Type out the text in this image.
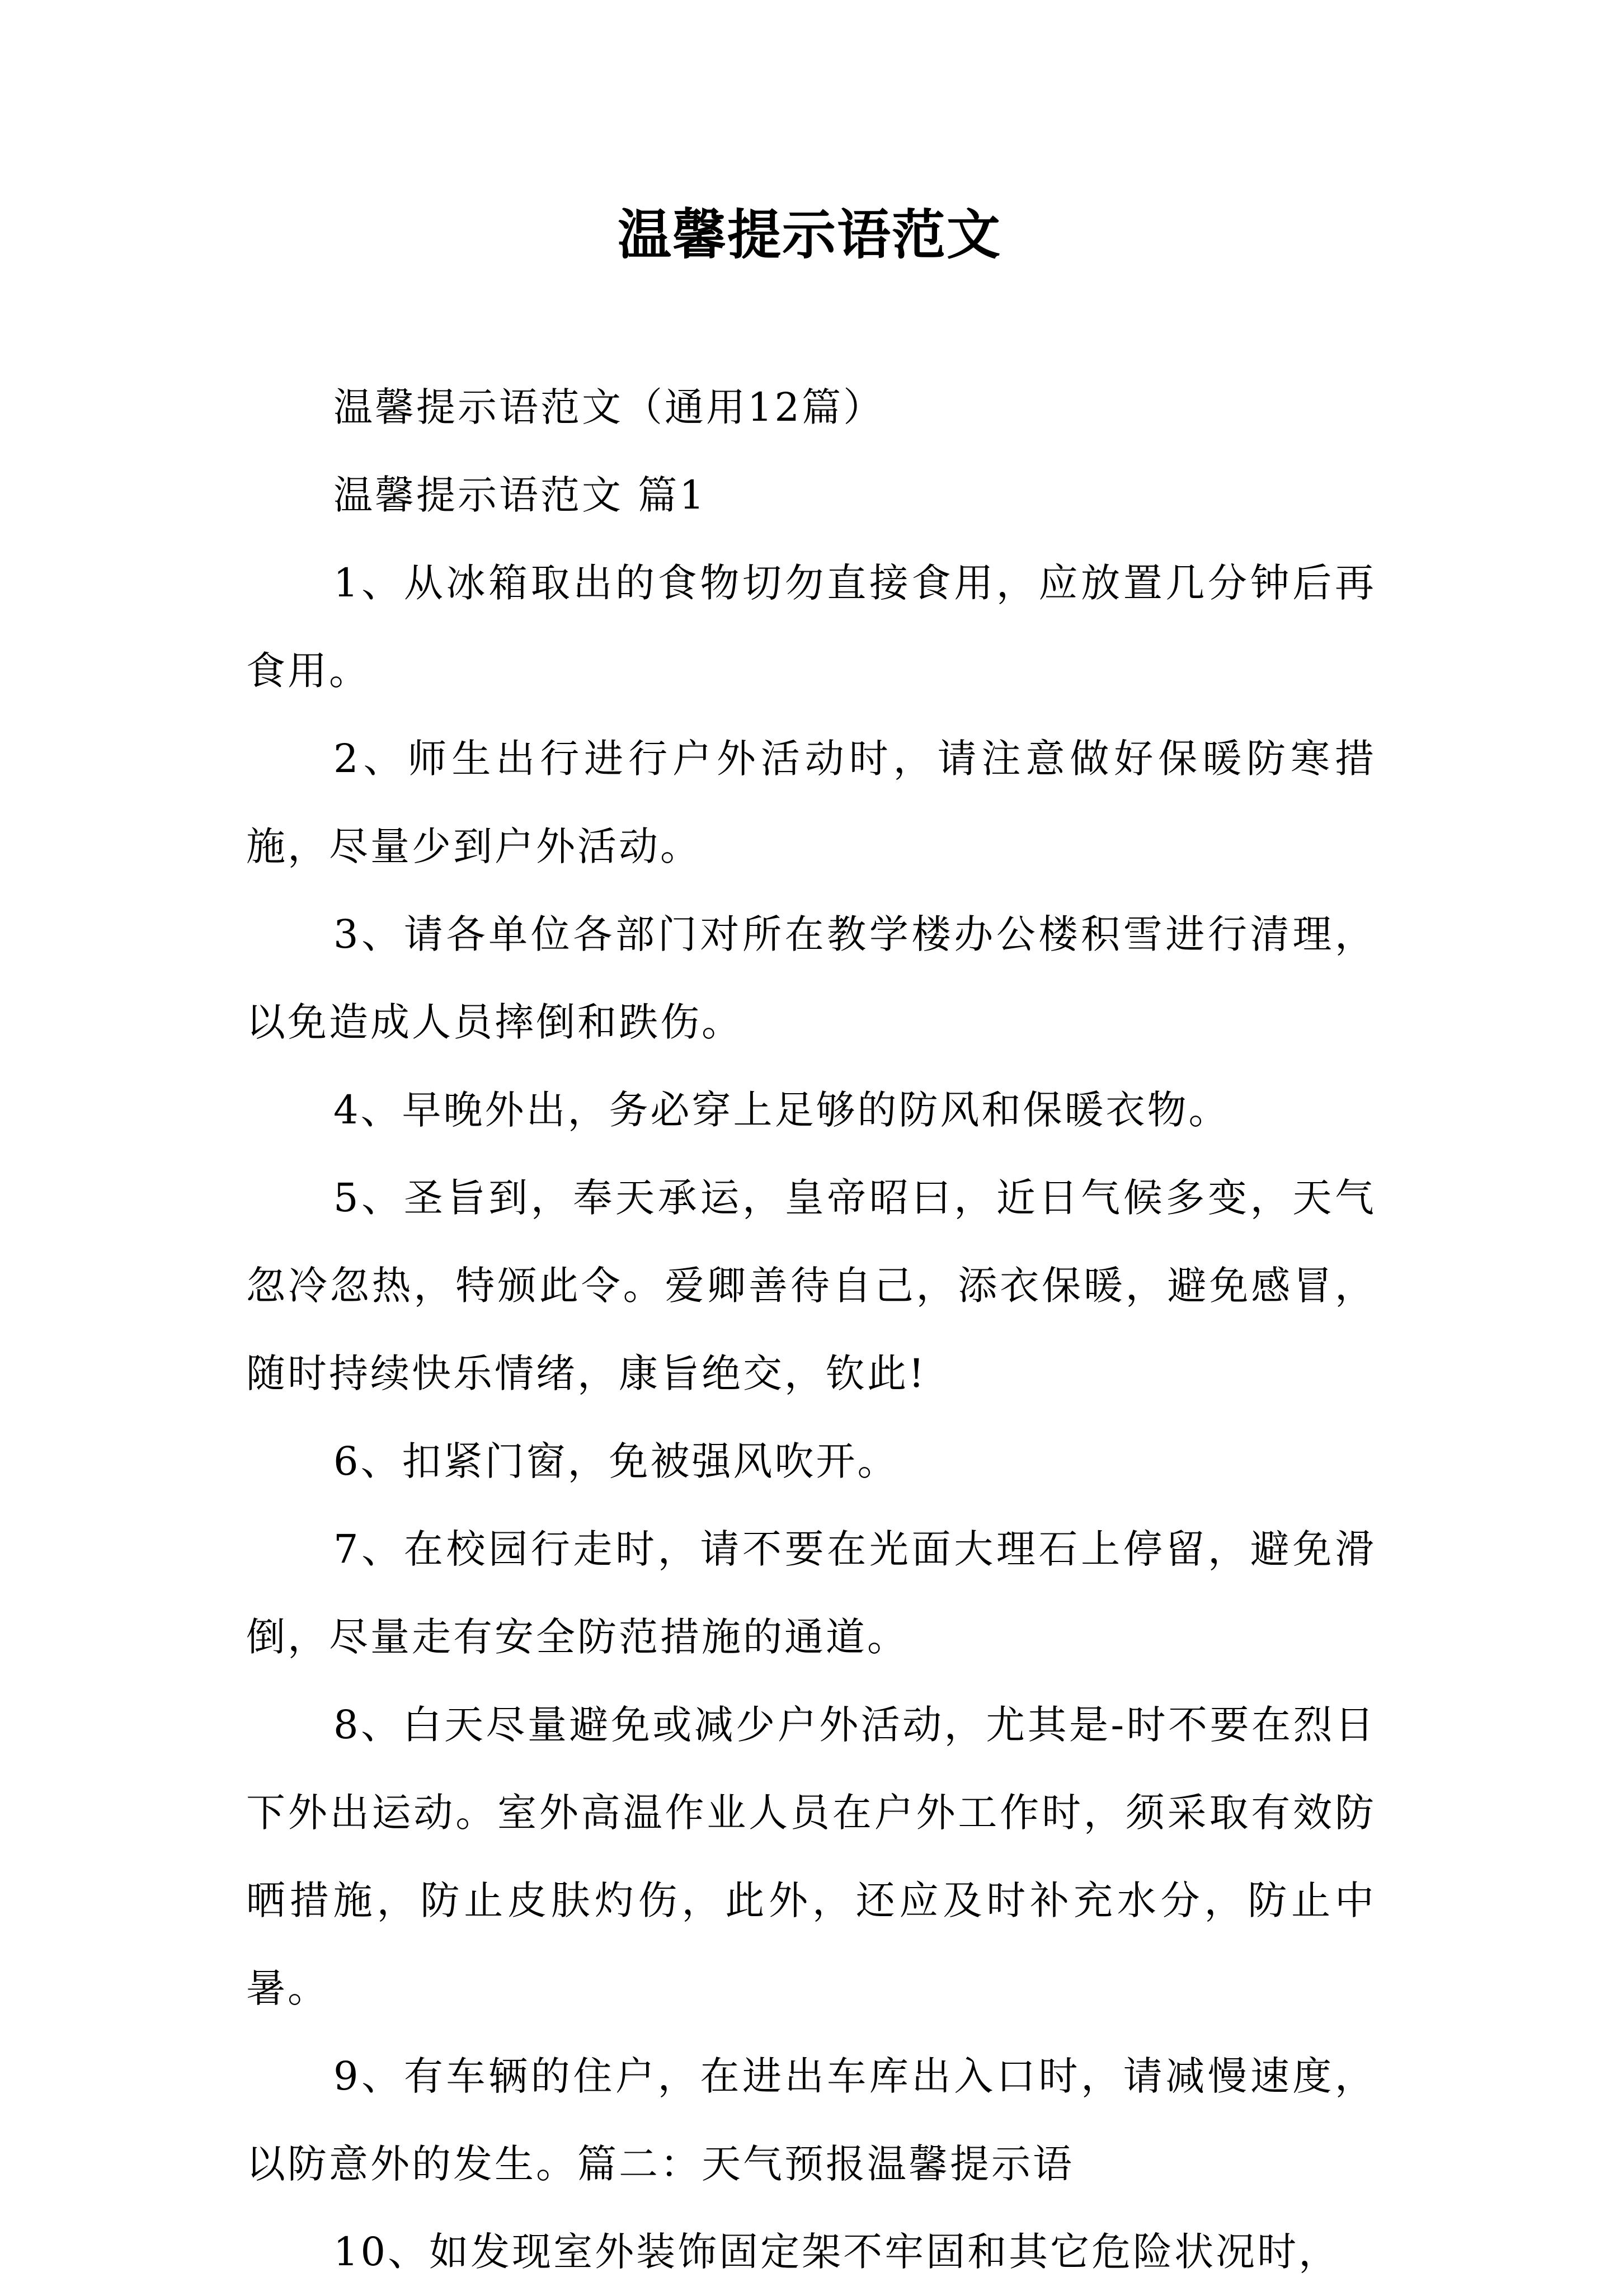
温馨提示语范文

温馨提示语范文（通用12篇）

温馨提示语范文 篇1

1、从冰箱取出的食物切勿直接食用，应放置几分钟后再食用。

2、师生出行进行户外活动时，请注意做好保暖防寒措施，尽量少到户外活动。

3、请各单位各部门对所在教学楼办公楼积雪进行清理，以免造成人员摔倒和跌伤。

4、早晚外出，务必穿上足够的防风和保暖衣物。

5、圣旨到，奉天承运，皇帝昭曰，近日气候多变，天气忽冷忽热，特颁此令。爱卿善待自己，添衣保暖，避免感冒，随时持续快乐情绪，康旨绝交，钦此!

6、扣紧门窗，免被强风吹开。

7、在校园行走时，请不要在光面大理石上停留，避免滑倒，尽量走有安全防范措施的通道。

8、白天尽量避免或减少户外活动，尤其是-时不要在烈日下外出运动。室外高温作业人员在户外工作时，须采取有效防晒措施，防止皮肤灼伤，此外，还应及时补充水分，防止中暑。

9、有车辆的住户，在进出车库出入口时，请减慢速度，以防意外的发生。篇二：天气预报温馨提示语

10、如发现室外装饰固定架不牢固和其它危险状况时，
